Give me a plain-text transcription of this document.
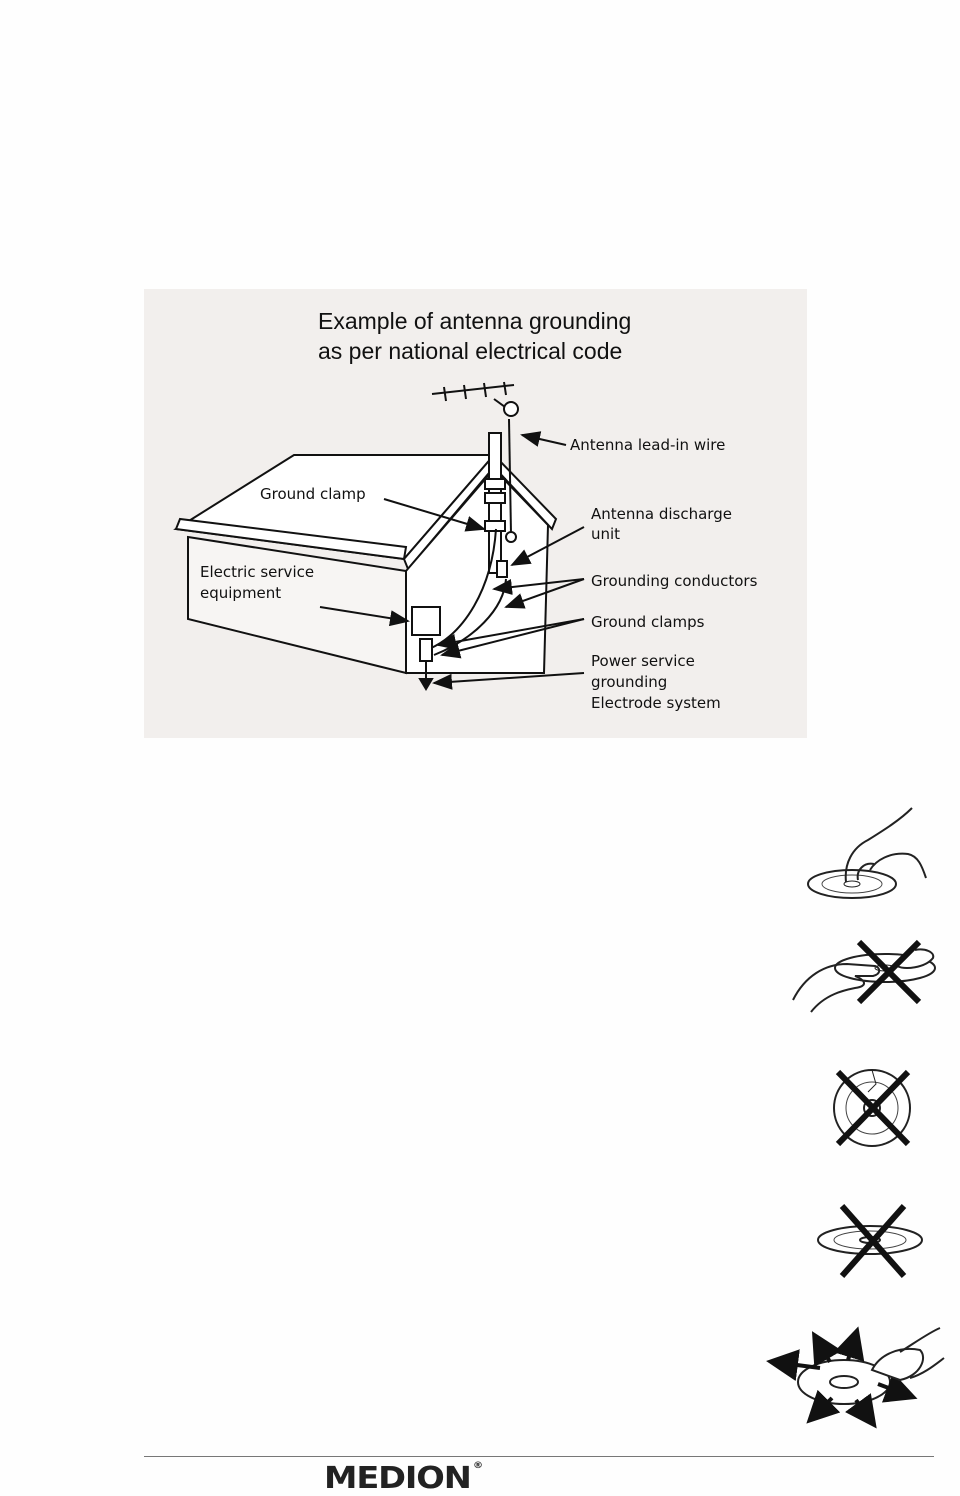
Example of antenna grounding
as per national electrical code
Antenna lead-in wire
Ground clamp
Antenna discharge
unit
Electric service
equipment
Grounding conductors
Ground clamps
Power service
grounding
Electrode system
MEDION ®
